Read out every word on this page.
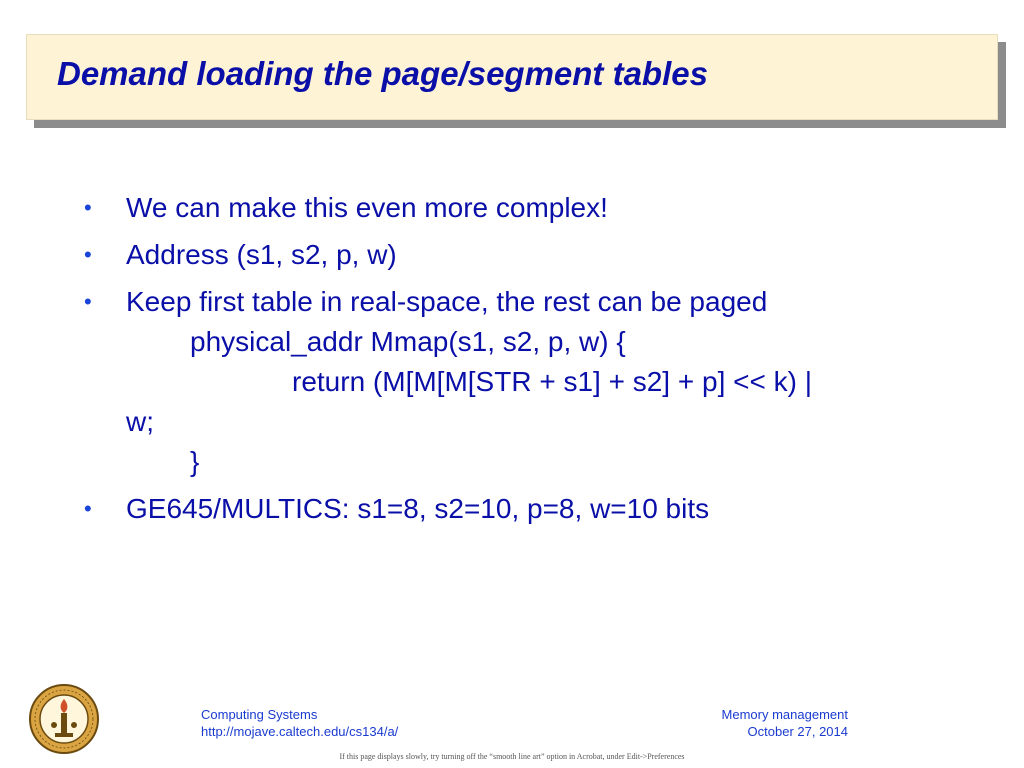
Demand loading the page/segment tables
• We can make this even more complex!
• Address (s1, s2, p, w)
• Keep first table in real-space, the rest can be paged
physical_addr Mmap(s1, s2, p, w) {
return (M[M[M[STR + s1] + s2] + p] << k) |
w;
}
• GE645/MULTICS: s1=8, s2=10, p=8, w=10 bits
Computing Systems
http://mojave.caltech.edu/cs134/a/
Memory management
October 27, 2014
If this page displays slowly, try turning off the “smooth line art” option in Acrobat, under Edit->Preferences
